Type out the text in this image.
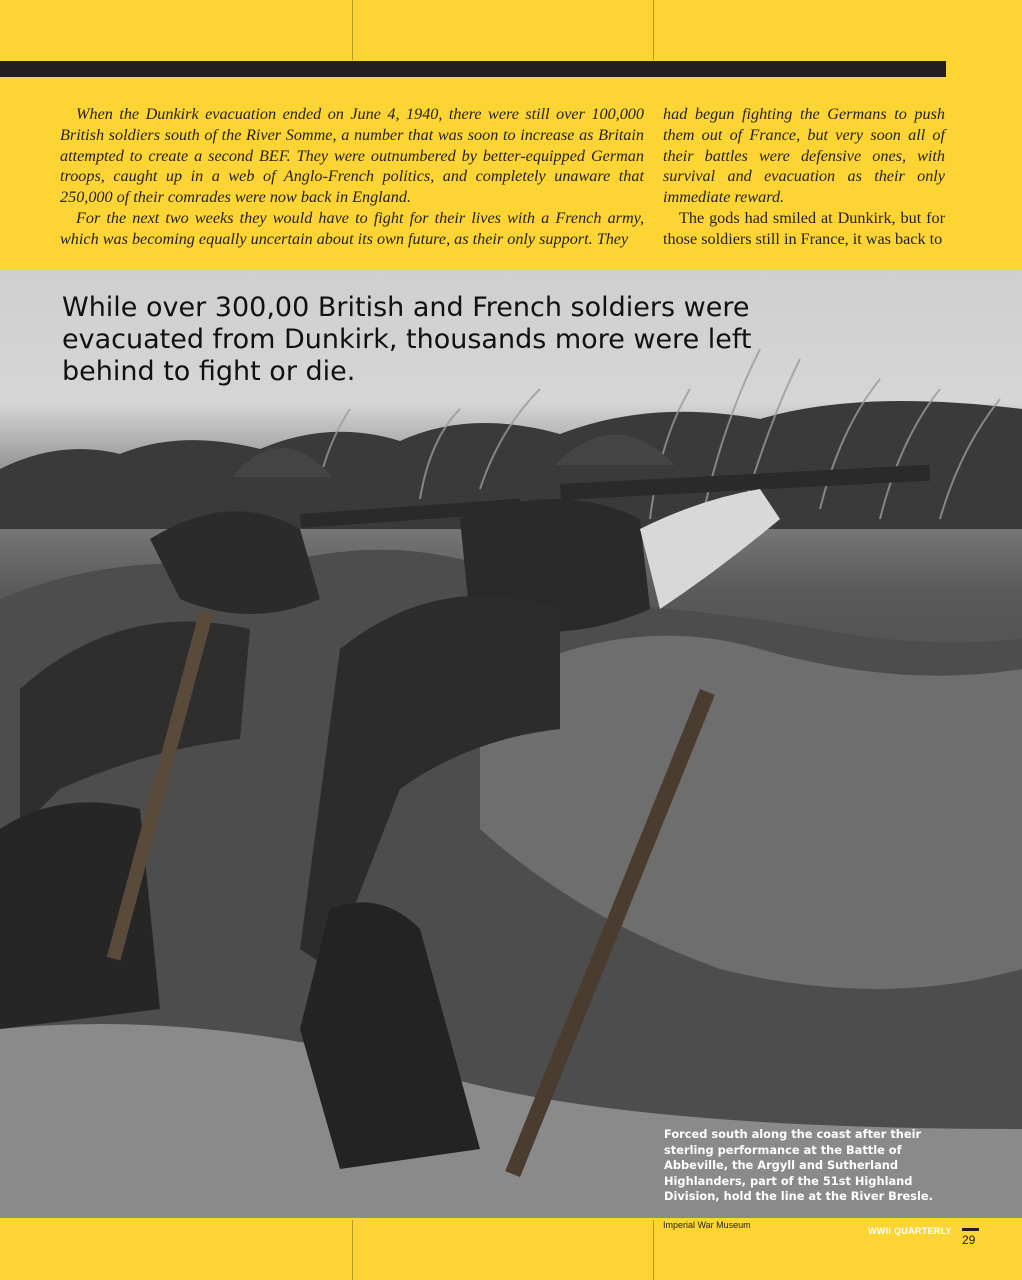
When the Dunkirk evacuation ended on June 4, 1940, there were still over 100,000 British soldiers south of the River Somme, a number that was soon to increase as Britain attempted to create a second BEF. They were outnumbered by better-equipped German troops, caught up in a web of Anglo-French politics, and completely unaware that 250,000 of their comrades were now back in England.

For the next two weeks they would have to fight for their lives with a French army, which was becoming equally uncertain about its own future, as their only support. They

had begun fighting the Germans to push them out of France, but very soon all of their battles were defensive ones, with survival and evacuation as their only immediate reward.

The gods had smiled at Dunkirk, but for those soldiers still in France, it was back to

While over 300,00 British and French soldiers were evacuated from Dunkirk, thousands more were left behind to fight or die.
Forced south along the coast after their sterling performance at the Battle of Abbeville, the Argyll and Sutherland Highlanders, part of the 51st Highland Division, hold the line at the River Bresle.
Imperial War Museum
WWII QUARTERLY
29
